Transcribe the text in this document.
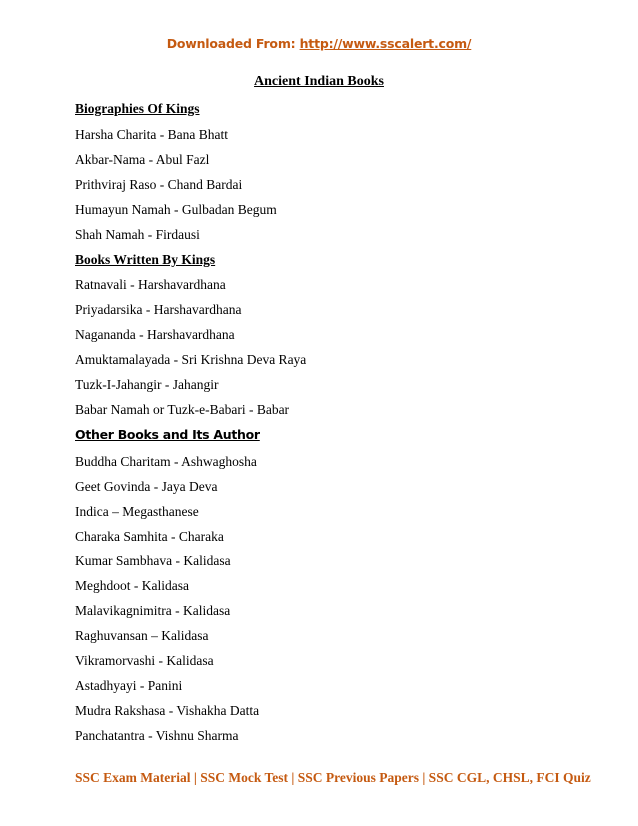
Downloaded From: http://www.sscalert.com/
Ancient Indian Books
Biographies Of Kings
Harsha Charita - Bana Bhatt
Akbar-Nama - Abul Fazl
Prithviraj Raso - Chand Bardai
Humayun Namah - Gulbadan Begum
Shah Namah - Firdausi
Books Written By Kings
Ratnavali - Harshavardhana
Priyadarsika - Harshavardhana
Nagananda - Harshavardhana
Amuktamalayada - Sri Krishna Deva Raya
Tuzk-I-Jahangir - Jahangir
Babar Namah or Tuzk-e-Babari - Babar
Other Books and Its Author
Buddha Charitam - Ashwaghosha
Geet Govinda - Jaya Deva
Indica – Megasthanese
Charaka Samhita - Charaka
Kumar Sambhava - Kalidasa
Meghdoot - Kalidasa
Malavikagnimitra - Kalidasa
Raghuvansan – Kalidasa
Vikramorvashi - Kalidasa
Astadhyayi - Panini
Mudra Rakshasa - Vishakha Datta
Panchatantra - Vishnu Sharma
SSC Exam Material | SSC Mock Test | SSC Previous Papers | SSC CGL, CHSL, FCI Quiz
